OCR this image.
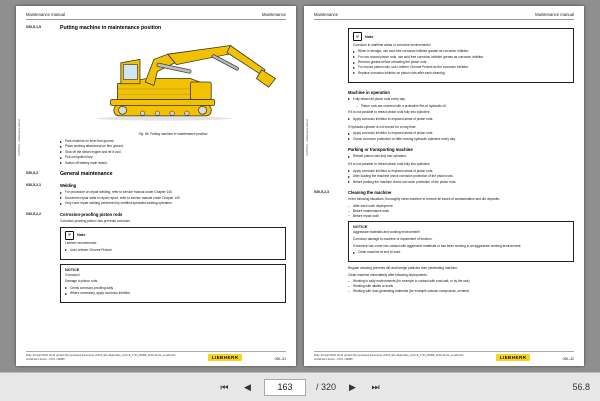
Maintenance manual	Maintenance
030,5,1,5	Putting machine in maintenance position
Fig. 96: Putting machine in maintenance position
Park machine on level firm ground.
Place working attachment on firm ground.
Shut off the diesel engine and let it cool.
Pull out ignition key.
Switch off battery main switch.
030,5,2	General maintenance
030,5,2,1	Welding
For procedure on repair welding, refer to service manual under Chapter 140.
Document repair state in repair report, refer to service manual under Chapter 140.
Only have repair welding performed by certified specialist welding operation.
030,5,2,2	Corrosion-proofing piston rods

Corrosion-proofing piston rods prevents corrosion.

☞	Note

Liebherr recommends:

Use Liebherr Chrome Protect.
NOTICE

Corrosion!

Damage to piston rods.

Check corrosion-proofing daily.
Where necessary, apply corrosion inhibitor.
LIEBHERR – Maintenance manual
kday, 03.April 2020 15:42 printed (this protected document) LH110_EC+High+Rise_G4,0-E_1714_96389_2019-12-04_en.pdf adm
LH110 EC Litronic • 1714 • 96389	LIEBHERR	030–31
Maintenance	Maintenance manual
☞	Note

Corrosion in maritime areas or corrosive environments!

When in storage, use acid-free corrosion inhibitor grease as corrosion inhibitor.
For non-moved piston rods, use acid-free corrosion inhibitor grease as corrosion inhibitor.
Remove grease before retracting the piston rods.
For moved piston rods, use Liebherr Chrome Protect as the corrosion inhibitor.
Replace corrosion inhibitor on piston rods after each cleaning.
Machine in operation
Fully retract all piston rods every day.
– Piston rods are covered with a protective film of hydraulic oil.

If it is not possible to retract piston rods fully into cylinders:

Apply corrosion inhibitor to exposed areas of piston rods.

If hydraulic cylinder is not moved for a long time:

Apply corrosion inhibitor to exposed areas of piston rods.
Check corrosion protection on little-moving hydraulic cylinders every day.
Parking or transporting machine
Retract piston rods fully into cylinders.

If it is not possible to retract piston rods fully into cylinders:

Apply corrosion inhibitor to exposed areas of piston rods.
After loading the machine check corrosion protection of the piston rods.
Before parking the machine check corrosion protection of the piston rods.
030,5,2,3	Cleaning the machine

In the following situations, thoroughly clean machine to remove all traces of contamination and dirt deposits:

– After each work deployment
– Before maintenance work
– Before repair work
NOTICE

Aggressive materials and working environment!

Corrosion damage to machine or impairment of function.

If machine has come into contact with aggressive materials or has been working in an aggressive working environment:

Clean machine at end of work.

Regular cleaning prevents dirt and foreign particles from penetrating machine.

Clean machine immediately after following deployments:

– Working in salty environments (for example in contact with road salt, or by the sea)
– Working with alkalis or acids
– Working with dust-generating materials (for example calcium compounds, cement)
LIEBHERR – Maintenance manual
kday, 03.April 2020 15:42 printed (this protected document) LH110_EC+High+Rise_G4,0-E_1714_96389_2019-12-04_en.pdf adm
LH110 EC Litronic • 1714 • 96389	LIEBHERR	030–32
⏮	◀	163	/ 320	▶	⏭	56.8
